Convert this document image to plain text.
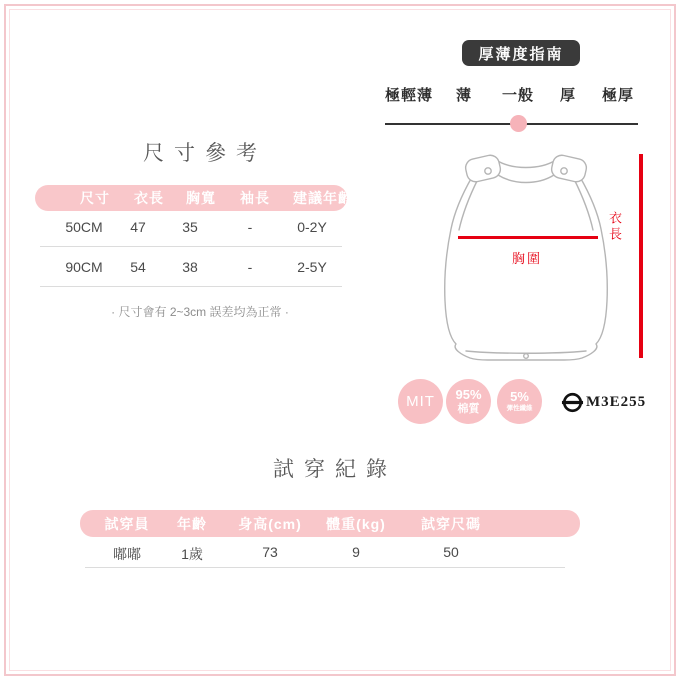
厚薄度指南
極輕薄 薄 一般 厚 極厚
尺寸參考
尺寸 衣長 胸寬 袖長 建議年齡
50CM 47	35	-	0-2Y
90CM 54	38	-	2-5Y
· 尺寸會有 2~3cm 誤差均為正常 ·
胸圍
衣長
MIT 95%
棉質
5%
彈性纖維	M3E255
試穿紀錄
試穿員 年齡 身高(cm) 體重(kg)	試穿尺碼
嘟嘟	1歲	73	9	50
